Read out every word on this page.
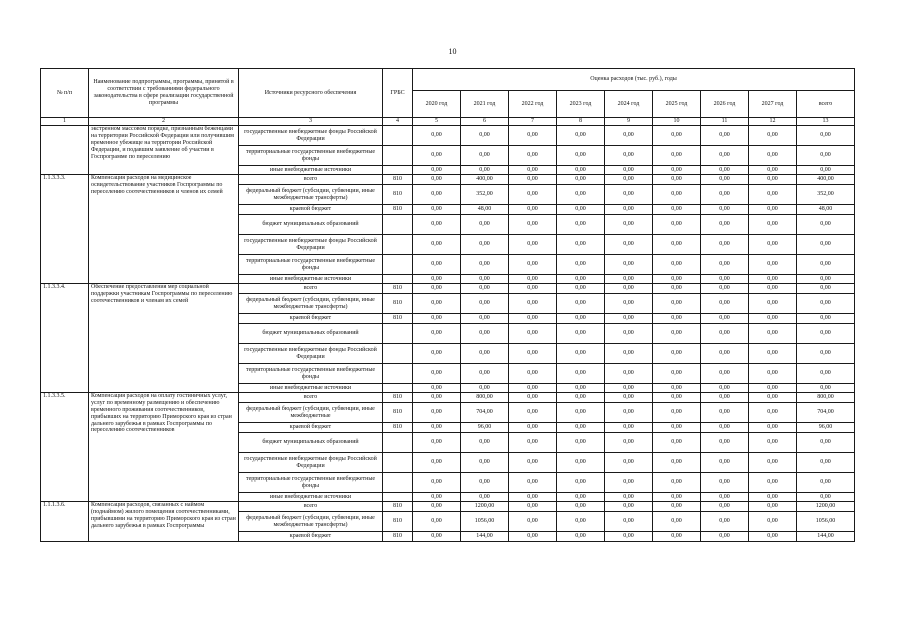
10
№ п/п	Наименование подпрограммы, программы, принятой в соответствии с требованиями федерального законодательства в сфере реализации государственной программы	Источники ресурсного обеспечения	ГРБС	Оценка расходов (тыс. руб.), годы								
				2020 год	2021 год	2022 год	2023 год	2024 год	2025 год	2026 год	2027 год	всего
1	2	3	4	5	6	7	8	9	10	11	12	13
	экстренном массовом порядке, признанным беженцами на территории Российской Федерации или получившим временное убежище на территории Российской Федерации, и подавшим заявление об участии в Госпрограмме по переселению	государственные внебюджетные фонды Российской Федерации		0,00	0,00	0,00	0,00	0,00	0,00	0,00	0,00	0,00
		территориальные государственные внебюджетные фонды		0,00	0,00	0,00	0,00	0,00	0,00	0,00	0,00	0,00
		иные внебюджетные источники		0,00	0,00	0,00	0,00	0,00	0,00	0,00	0,00	0,00
1.1.3.3.3.	Компенсация расходов на медицинское освидетельствование участников Госпрограммы по переселению соотечественников и членов их семей	всего	810	0,00	400,00	0,00	0,00	0,00	0,00	0,00	0,00	400,00
		федеральный бюджет (субсидии, субвенции, иные межбюджетные трансферты)	810	0,00	352,00	0,00	0,00	0,00	0,00	0,00	0,00	352,00
		краевой бюджет	810	0,00	48,00	0,00	0,00	0,00	0,00	0,00	0,00	48,00
		бюджет муниципальных образований		0,00	0,00	0,00	0,00	0,00	0,00	0,00	0,00	0,00
		государственные внебюджетные фонды Российской Федерации		0,00	0,00	0,00	0,00	0,00	0,00	0,00	0,00	0,00
		территориальные государственные внебюджетные фонды		0,00	0,00	0,00	0,00	0,00	0,00	0,00	0,00	0,00
		иные внебюджетные источники		0,00	0,00	0,00	0,00	0,00	0,00	0,00	0,00	0,00
1.1.3.3.4.	Обеспечение предоставления мер социальной поддержки участникам Госпрограммы по переселению соотечественников и членам их семей	всего	810	0,00	0,00	0,00	0,00	0,00	0,00	0,00	0,00	0,00
		федеральный бюджет (субсидии, субвенции, иные межбюджетные трансферты)	810	0,00	0,00	0,00	0,00	0,00	0,00	0,00	0,00	0,00
		краевой бюджет	810	0,00	0,00	0,00	0,00	0,00	0,00	0,00	0,00	0,00
		бюджет муниципальных образований		0,00	0,00	0,00	0,00	0,00	0,00	0,00	0,00	0,00
		государственные внебюджетные фонды Российской Федерации		0,00	0,00	0,00	0,00	0,00	0,00	0,00	0,00	0,00
		территориальные государственные внебюджетные фонды		0,00	0,00	0,00	0,00	0,00	0,00	0,00	0,00	0,00
		иные внебюджетные источники		0,00	0,00	0,00	0,00	0,00	0,00	0,00	0,00	0,00
1.1.3.3.5.	Компенсация расходов на оплату гостиничных услуг, услуг по временному размещению и обеспечению временного проживания соотечественников, прибывших на территорию Приморского края из стран дальнего зарубежья в рамках Госпрограммы по переселению соотечественников	всего	810	0,00	800,00	0,00	0,00	0,00	0,00	0,00	0,00	800,00
		федеральный бюджет (субсидии, субвенции, иные межбюджетные	810	0,00	704,00	0,00	0,00	0,00	0,00	0,00	0,00	704,00
		краевой бюджет	810	0,00	96,00	0,00	0,00	0,00	0,00	0,00	0,00	96,00
		бюджет муниципальных образований		0,00	0,00	0,00	0,00	0,00	0,00	0,00	0,00	0,00
		государственные внебюджетные фонды Российской Федерации		0,00	0,00	0,00	0,00	0,00	0,00	0,00	0,00	0,00
		территориальные государственные внебюджетные фонды		0,00	0,00	0,00	0,00	0,00	0,00	0,00	0,00	0,00
		иные внебюджетные источники		0,00	0,00	0,00	0,00	0,00	0,00	0,00	0,00	0,00
1.1.1.3.6.	Компенсация расходов, связанных с наймом (поднаймом) жилого помещения соотечественниками, прибывшими на территорию Приморского края из стран дальнего зарубежья в рамках Госпрограммы	всего	810	0,00	1200,00	0,00	0,00	0,00	0,00	0,00	0,00	1200,00
		федеральный бюджет (субсидии, субвенции, иные межбюджетные трансферты)	810	0,00	1056,00	0,00	0,00	0,00	0,00	0,00	0,00	1056,00
		краевой бюджет	810	0,00	144,00	0,00	0,00	0,00	0,00	0,00	0,00	144,00
